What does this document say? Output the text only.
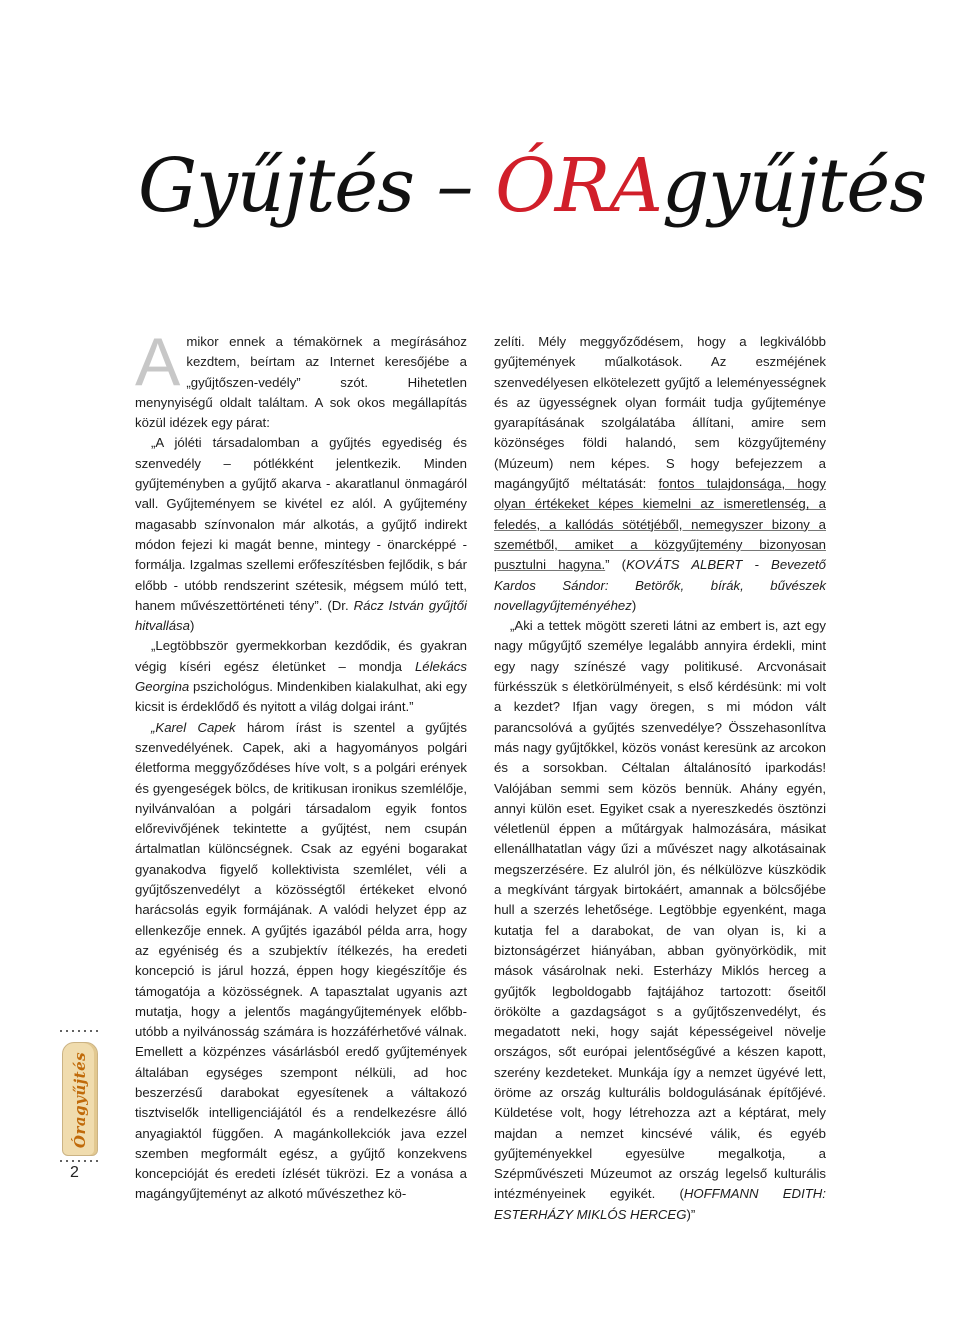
Gyűjtés – ÓRAgyűjtés

Amikor ennek a témakörnek a megírásához kezdtem, beírtam az Internet keresőjébe a „gyűjtőszen-vedély” szót. Hihetetlen menynyiségű oldalt találtam. A sok okos megállapítás közül idézek egy párat:

„A jóléti társadalomban a gyűjtés egyediség és szenvedély – pótlékként jelentkezik. Minden gyűjteményben a gyűjtő akarva - akaratlanul önmagáról vall. Gyűjteményem se kivétel ez alól. A gyűjtemény magasabb színvonalon már alkotás, a gyűjtő indirekt módon fejezi ki magát benne, mintegy - önarcképpé - formálja. Izgalmas szellemi erőfeszítésben fejlődik, s bár előbb - utóbb rendszerint szétesik, mégsem múló tett, hanem művészettörténeti tény”. (Dr. Rácz István gyűjtői hitvallása)

„Legtöbbször gyermekkorban kezdődik, és gyakran végig kíséri egész életünket – mondja Lélekács Georgina pszichológus. Mindenkiben kialakulhat, aki egy kicsit is érdeklődő és nyitott a világ dolgai iránt.”

„Karel Capek három írást is szentel a gyűjtés szenvedélyének. Capek, aki a hagyományos polgári életforma meggyőződéses híve volt, s a polgári erények és gyengeségek bölcs, de kritikusan ironikus szemlélője, nyilvánvalóan a polgári társadalom egyik fontos előrevivőjének tekintette a gyűjtést, nem csupán ártalmatlan különcségnek. Csak az egyéni bogarakat gyanakodva figyelő kollektivista szemlélet, véli a gyűjtőszenvedélyt a közösségtől értékeket elvonó harácsolás egyik formájának. A valódi helyzet épp az ellenkezője ennek. A gyűjtés igazából példa arra, hogy az egyéniség és a szubjektív ítélkezés, ha eredeti koncepció is járul hozzá, éppen hogy kiegészítője és támogatója a közösségnek. A tapasztalat ugyanis azt mutatja, hogy a jelentős magángyűjtemények előbb-utóbb a nyilvánosság számára is hozzáférhetővé válnak. Emellett a közpénzes vásárlásból eredő gyűjtemények általában egységes szempont nélküli, ad hoc beszerzésű darabokat egyesítenek a váltakozó tisztviselők intelligenciájától és a rendelkezésre álló anyagiaktól függően. A magánkollekciók java ezzel szemben megformált egész, a gyűjtő konzekvens koncepcióját és eredeti ízlését tükrözi. Ez a vonása a magángyűjteményt az alkotó művészethez kö-

zelíti. Mély meggyőződésem, hogy a legkiválóbb gyűjtemények műalkotások. Az eszméjének szenvedélyesen elkötelezett gyűjtő a leleményességnek és az ügyességnek olyan formáit tudja gyűjteménye gyarapításának szolgálatába állítani, amire sem közönséges földi halandó, sem közgyűjtemény (Múzeum) nem képes. S hogy befejezzem a magángyűjtő méltatását: fontos tulajdonsága, hogy olyan értékeket képes kiemelni az ismeretlenség, a feledés, a kallódás sötétjéből, nemegyszer bizony a szemétből, amiket a közgyűjtemény bizonyosan pusztulni hagyna.” (KOVÁTS ALBERT - Bevezető Kardos Sándor: Betörők, bírák, bűvészek novellagyűjteményéhez)

„Aki a tettek mögött szereti látni az embert is, azt egy nagy műgyűjtő személye legalább annyira érdekli, mint egy nagy színészé vagy politikusé. Arcvonásait fürkésszük s életkörülményeit, s első kérdésünk: mi volt a kezdet? Ifjan vagy öregen, s mi módon vált parancsolóvá a gyűjtés szenvedélye? Összehasonlítva más nagy gyűjtőkkel, közös vonást keresünk az arcokon és a sorsokban. Céltalan általánosító iparkodás! Valójában semmi sem közös bennük. Ahány egyén, annyi külön eset. Egyiket csak a nyereszkedés ösztönzi véletlenül éppen a műtárgyak halmozására, másikat ellenállhatatlan vágy űzi a művészet nagy alkotásainak megszerzésére. Ez alulról jön, és nélkülözve küszködik a megkívánt tárgyak birtokáért, amannak a bölcsőjébe hull a szerzés lehetősége. Legtöbbje egyenként, maga kutatja fel a darabokat, de van olyan is, ki a biztonságérzet hiányában, abban gyönyörködik, mit mások vásárolnak neki. Esterházy Miklós herceg a gyűjtők legboldogabb fajtájához tartozott: őseitől örökölte a gazdagságot s a gyűjtőszenvedélyt, és megadatott neki, hogy saját képességeivel növelje országos, sőt európai jelentőségűvé a készen kapott, szerény kezdeteket. Munkája így a nemzet ügyévé lett, öröme az ország kulturális boldogulásának építőjévé. Küldetése volt, hogy létrehozza azt a képtárat, mely majdan a nemzet kincsévé válik, és egyéb gyűjteményekkel egyesülve megalkotja, a Szépművészeti Múzeumot az ország legelső kulturális intézményeinek egyikét. (HOFFMANN EDITH: ESTERHÁZY MIKLÓS HERCEG)”

Óragyűjtés
2
